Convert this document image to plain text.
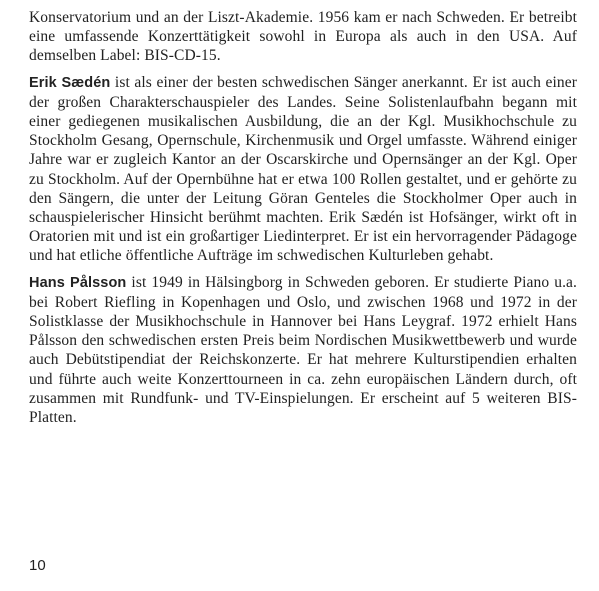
Konservatorium und an der Liszt-Akademie. 1956 kam er nach Schweden. Er betreibt eine umfassende Konzerttätigkeit sowohl in Europa als auch in den USA. Auf demselben Label: BIS-CD-15.

Erik Sædén ist als einer der besten schwedischen Sänger anerkannt. Er ist auch einer der großen Charakterschauspieler des Landes. Seine Solistenlaufbahn begann mit einer gediegenen musikalischen Ausbildung, die an der Kgl. Musikhochschule zu Stockholm Gesang, Opernschule, Kirchenmusik und Orgel umfasste. Während einiger Jahre war er zugleich Kantor an der Oscarskirche und Opernsänger an der Kgl. Oper zu Stockholm. Auf der Opernbühne hat er etwa 100 Rollen gestaltet, und er gehörte zu den Sängern, die unter der Leitung Göran Genteles die Stockholmer Oper auch in schauspielerischer Hinsicht berühmt machten. Erik Sædén ist Hofsänger, wirkt oft in Oratorien mit und ist ein großartiger Liedinterpret. Er ist ein hervorragender Pädagoge und hat etliche öffentliche Aufträge im schwedischen Kulturleben gehabt.

Hans Pålsson ist 1949 in Hälsingborg in Schweden geboren. Er studierte Piano u.a. bei Robert Riefling in Kopenhagen und Oslo, und zwischen 1968 und 1972 in der Solistklasse der Musikhochschule in Hannover bei Hans Leygraf. 1972 erhielt Hans Pålsson den schwedischen ersten Preis beim Nordischen Musikwettbewerb und wurde auch Debütstipendiat der Reichskonzerte. Er hat mehrere Kulturstipendien erhalten und führte auch weite Konzerttourneen in ca. zehn europäischen Ländern durch, oft zusammen mit Rundfunk- und TV-Einspielungen. Er erscheint auf 5 weiteren BIS-Platten.

10
